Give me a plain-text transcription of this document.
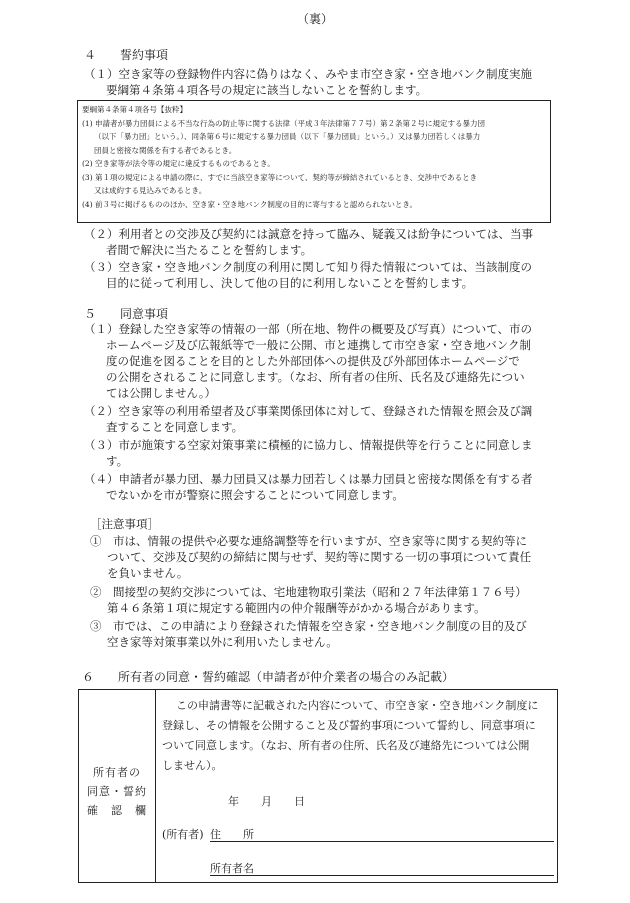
（裏）
４　　誓約事項
（１）空き家等の登録物件内容に偽りはなく、みやま市空き家・空き地バンク制度実施
要綱第４条第４項各号の規定に該当しないことを誓約します。
要綱第４条第４項各号【抜粋】
(1) 申請者が暴力団員による不当な行為の防止等に関する法律（平成３年法律第７７号）第２条第２号に規定する暴力団
（以下「暴力団」という。）、同条第６号に規定する暴力団員（以下「暴力団員」という。）又は暴力団若しくは暴力
団員と密接な関係を有する者であるとき。
(2) 空き家等が法令等の規定に違反するものであるとき。
(3) 第１項の規定による申請の際に、すでに当該空き家等について、契約等が締結されているとき、交渉中であるとき
又は成約する見込みであるとき。
(4) 前３号に掲げるもののほか、空き家・空き地バンク制度の目的に寄与すると認められないとき。
（２）利用者との交渉及び契約には誠意を持って臨み、疑義又は紛争については、当事
者間で解決に当たることを誓約します。
（３）空き家・空き地バンク制度の利用に関して知り得た情報については、当該制度の
目的に従って利用し、決して他の目的に利用しないことを誓約します。
５　　同意事項
（１）登録した空き家等の情報の一部（所在地、物件の概要及び写真）について、市の
ホームページ及び広報紙等で一般に公開、市と連携して市空き家・空き地バンク制
度の促進を図ることを目的とした外部団体への提供及び外部団体ホームページで
の公開をされることに同意します。（なお、所有者の住所、氏名及び連絡先につい
ては公開しません。）
（２）空き家等の利用希望者及び事業関係団体に対して、登録された情報を照会及び調
査することを同意します。
（３）市が施策する空家対策事業に積極的に協力し、情報提供等を行うことに同意しま
す。
（４）申請者が暴力団、暴力団員又は暴力団若しくは暴力団員と密接な関係を有する者
でないかを市が警察に照会することについて同意します。
［注意事項］
①　市は、情報の提供や必要な連絡調整等を行いますが、空き家等に関する契約等に
ついて、交渉及び契約の締結に関与せず、契約等に関する一切の事項について責任
を負いません。
②　間接型の契約交渉については、宅地建物取引業法（昭和２７年法律第１７６号）
第４６条第１項に規定する範囲内の仲介報酬等がかかる場合があります。
③　市では、この申請により登録された情報を空き家・空き地バンク制度の目的及び
空き家等対策事業以外に利用いたしません。
６　　所有者の同意・誓約確認（申請者が仲介業者の場合のみ記載）
所有者の
同意・誓約
確　認　欄
この申請書等に記載された内容について、市空き家・空き地バンク制度に
登録し、その情報を公開すること及び誓約事項について誓約し、同意事項に
ついて同意します。（なお、所有者の住所、氏名及び連絡先については公開
しません）。
年　　月　　日
(所有者) 住　　所
所有者名
